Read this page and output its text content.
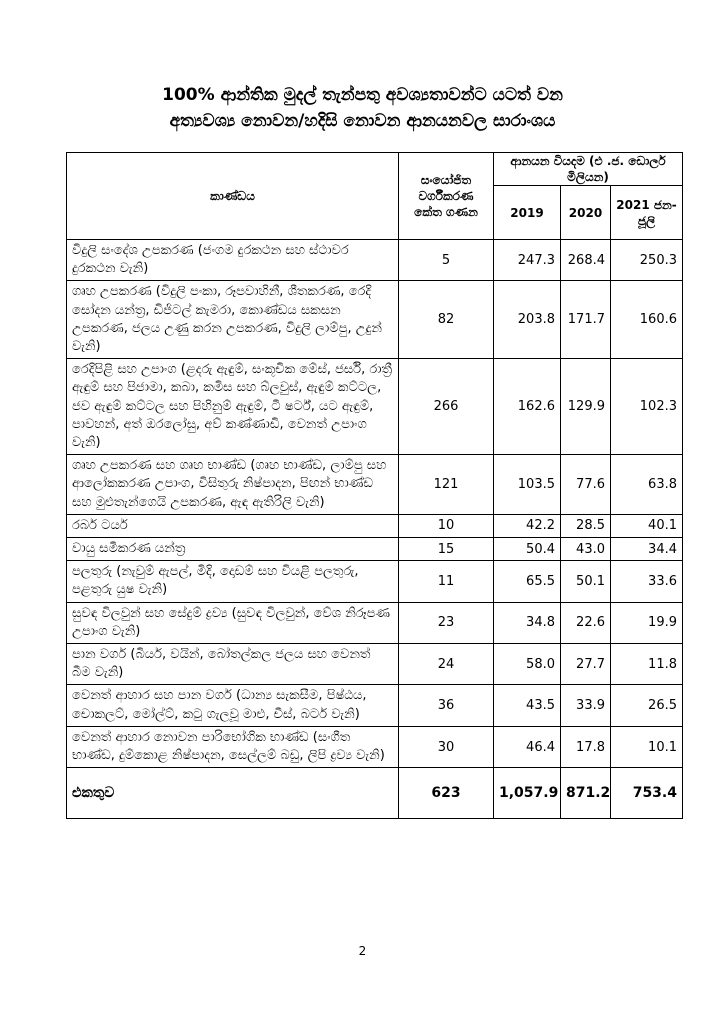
100% ආන්තික මුදල් තැන්පතු අවශ්‍යතාවන්ට යටත් වන
අත්‍යවශ්‍ය නොවන/හදිසි නොවන ආනයනවල සාරාංශය
කාණ්ඩය	සංයෝජිත වර්ගීකරණ කේත ගණන	ආනයන වියදම (එ .ජ. ඩොලර් මිලියන)		
		2019	2020	2021 ජන-ජූලි
විදුලි සංදේශ උපකරණ (ජංගම දුරකථන සහ ස්ථාවර දුරකථන වැනි)	5	247.3	268.4	250.3
ගෘහ උපකරණ (විදුලි පංකා, රූපවාහිනී, ශීතකරණ, රෙදි සෝදන යන්ත්‍ර, ඩිජිටල් කැමරා, කොණ්ඩය සකසන උපකරණ, ජලය උණු කරන උපකරණ, විදුලි ලාම්පු, උදුන් වැනි)	82	203.8	171.7	160.6
රෙදිපිළි සහ උපාංග (ළදරු ඇඳුම්, සංකූචික මේස්, ජර්සි, රාත්‍රී ඇඳුම් සහ පිජාමා, කබා, කමිස සහ බ්ලවුස්, ඇඳුම් කට්ටල, ජව ඇඳුම් කට්ටල සහ පිහිනුම් ඇඳුම්, ටී ෂර්ට්, යට ඇඳුම්, පාවහන්, අත් ඔරලෝසු, අව් කණ්ණාඩි, වෙනත් උපාංග වැනි)	266	162.6	129.9	102.3
ගෘහ උපකරණ සහ ගෘහ භාණ්ඩ (ගෘහ භාණ්ඩ, ලාම්පු සහ ආලෝකකරණ උපාංග, විසිතුරු නිෂ්පාදන, පිඟන් භාණ්ඩ සහ මුළුතැන්ගෙයි උපකරණ, ඇඳ ඇතිරිලි වැනි)	121	103.5	77.6	63.8
රබර් ටයර්	10	42.2	28.5	40.1
වායු සමීකරණ යන්ත්‍ර	15	50.4	43.0	34.4
පලතුරු (නැවුම් ඇපල්, මිදි, දොඩම් සහ වියළි පලතුරු, පළතුරු යුෂ වැනි)	11	65.5	50.1	33.6
සුවඳ විලවුන් සහ සේදුම් ද්‍රව්‍ය (සුවඳ විලවුන්, වේශ නිරූපණ උපාංග වැනි)	23	34.8	22.6	19.9
පාන වර්ග (බියර්, වයින්, බෝතල්කල ජලය සහ වෙනත් බීම වැනි)	24	58.0	27.7	11.8
වෙනත් ආහාර සහ පාන වර්ග (ධාන්‍ය සැකසීම, පිෂ්ඨය, චොකලට්, මෝල්ට්, කටු ගැලවූ මාළු, චීස්, බටර් වැනි)	36	43.5	33.9	26.5
වෙනත් ආහාර නොවන පාරිභෝගික භාණ්ඩ (සංගීත භාණ්ඩ, දුම්කොළ නිෂ්පාදන, සෙල්ලම් බඩු, ලිපි ද්‍රව්‍ය වැනි)	30	46.4	17.8	10.1
එකතුව	623	1,057.9	871.2	753.4
2
